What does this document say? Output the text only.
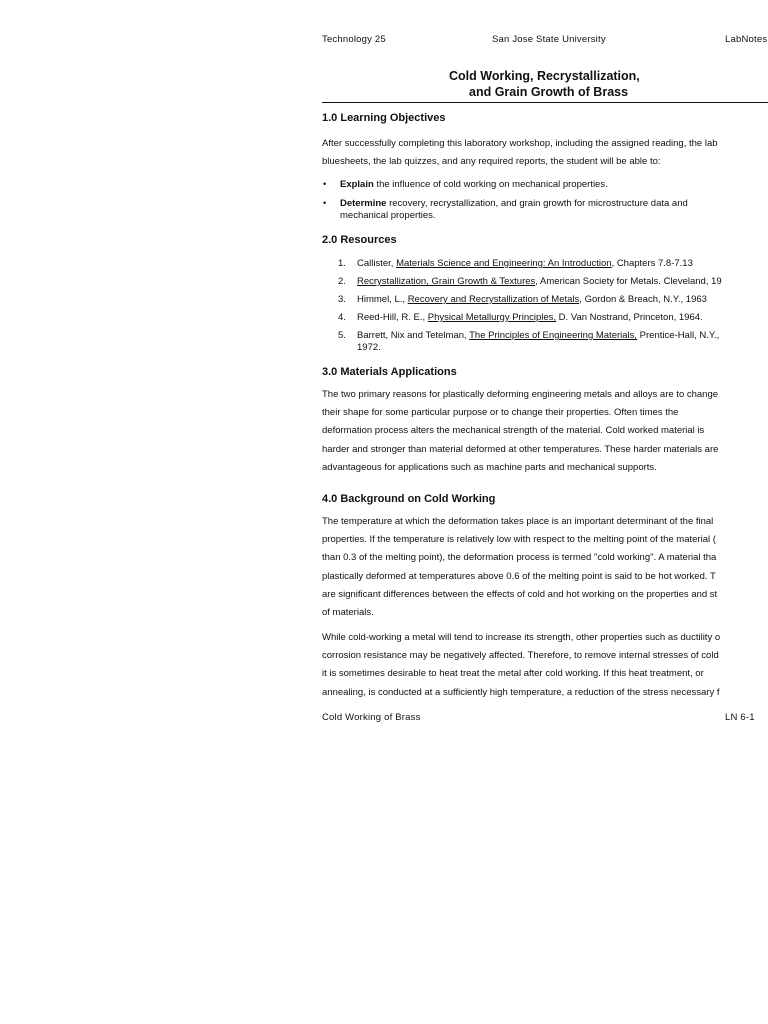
Technology 25	San Jose State University	LabNotes
Cold Working, Recrystallization,
and Grain Growth of Brass
1.0 Learning Objectives
After successfully completing this laboratory workshop, including the assigned reading, the lab
bluesheets, the lab quizzes, and any required reports, the student will be able to:
• Explain the influence of cold working on mechanical properties.
• Determine recovery, recrystallization, and grain growth for microstructure data and
mechanical properties.
2.0 Resources
1. Callister, Materials Science and Engineering: An Introduction, Chapters 7.8-7.13
2. Recrystallization, Grain Growth & Textures, American Society for Metals. Cleveland, 19
3. Himmel, L., Recovery and Recrystallization of Metals, Gordon & Breach, N.Y., 1963
4. Reed-Hill, R. E., Physical Metallurgy Principles, D. Van Nostrand, Princeton, 1964.
5. Barrett, Nix and Tetelman, The Principles of Engineering Materials, Prentice-Hall, N.Y.,
1972.
3.0 Materials Applications
The two primary reasons for plastically deforming engineering metals and alloys are to change
their shape for some particular purpose or to change their properties. Often times the
deformation process alters the mechanical strength of the material. Cold worked material is
harder and stronger than material deformed at other temperatures. These harder materials are
advantageous for applications such as machine parts and mechanical supports.
4.0 Background on Cold Working
The temperature at which the deformation takes place is an important determinant of the final
properties. If the temperature is relatively low with respect to the melting point of the material (
than 0.3 of the melting point), the deformation process is termed "cold working". A material tha
plastically deformed at temperatures above 0.6 of the melting point is said to be hot worked. T
are significant differences between the effects of cold and hot working on the properties and st
of materials.
While cold-working a metal will tend to increase its strength, other properties such as ductility o
corrosion resistance may be negatively affected. Therefore, to remove internal stresses of cold
it is sometimes desirable to heat treat the metal after cold working. If this heat treatment, or
annealing, is conducted at a sufficiently high temperature, a reduction of the stress necessary f
Cold Working of Brass	LN 6-1
